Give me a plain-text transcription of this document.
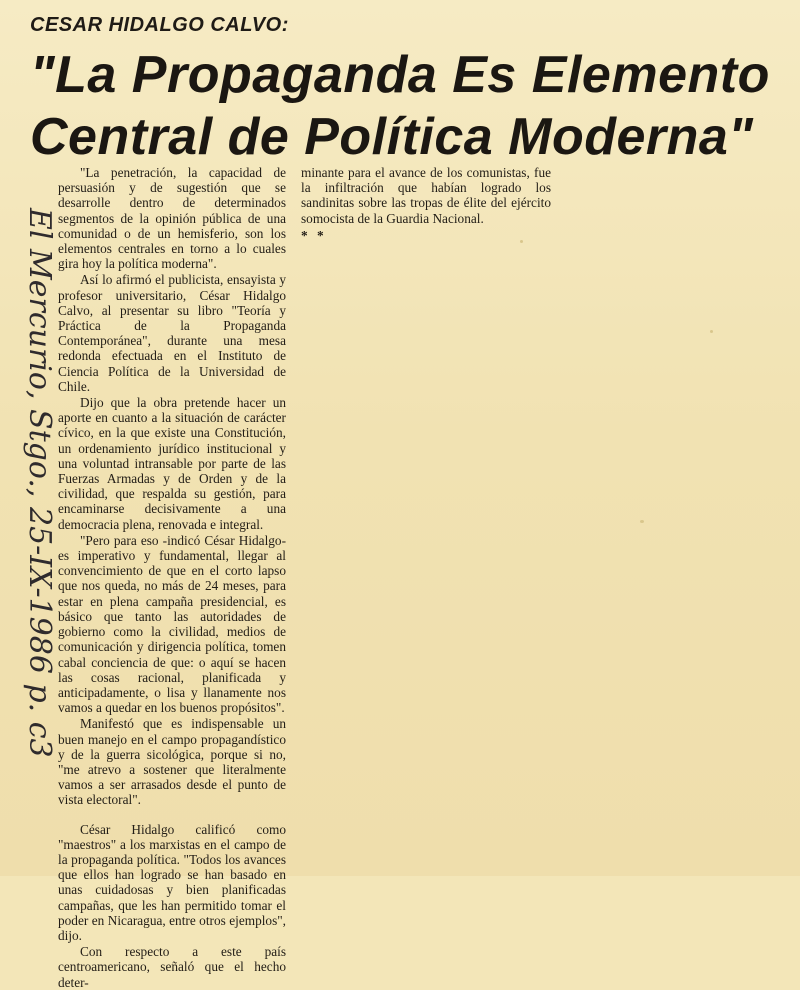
CESAR HIDALGO CALVO:
"La Propaganda Es Elemento
Central de Política Moderna"
El Mercurio, Stgo., 25-IX-1986 p. c3

"La penetración, la capacidad de persuasión y de sugestión que se desarrolle dentro de determinados segmentos de la opinión pública de una comunidad o de un hemisferio, son los elementos centrales en torno a lo cuales gira hoy la política moderna".

Así lo afirmó el publicista, ensayista y profesor universitario, César Hidalgo Calvo, al presentar su libro "Teoría y Práctica de la Propaganda Contemporánea", durante una mesa redonda efectuada en el Instituto de Ciencia Política de la Universidad de Chile.

Dijo que la obra pretende hacer un aporte en cuanto a la situación de carácter cívico, en la que existe una Constitución, un ordenamiento jurídico institucional y una voluntad intransable por parte de las Fuerzas Armadas y de Orden y de la civilidad, que respalda su gestión, para encaminarse decisivamente a una democracia plena, renovada e integral.

"Pero para eso -indicó César Hidalgo- es imperativo y fundamental, llegar al convencimiento de que en el corto lapso que nos queda, no más de 24 meses, para estar en plena campaña presidencial, es básico que tanto las autoridades de gobierno como la civilidad, medios de comunicación y dirigencia política, tomen cabal conciencia de que: o aquí se hacen las cosas racional, planificada y anticipadamente, o lisa y llanamente nos vamos a quedar en los buenos propósitos".

Manifestó que es indispensable un buen manejo en el campo propagandístico y de la guerra sicológica, porque si no, "me atrevo a sostener que literalmente vamos a ser arrasados desde el punto de vista electoral".

César Hidalgo calificó como "maestros" a los marxistas en el campo de la propaganda política. "Todos los avances que ellos han logrado se han basado en unas cuidadosas y bien planificadas campañas, que les han permitido tomar el poder en Nicaragua, entre otros ejemplos", dijo.

Con respecto a este país centroamericano, señaló que el hecho deter-

minante para el avance de los comunistas, fue la infiltración que habían logrado los sandinitas sobre las tropas de élite del ejército somocista de la Guardia Nacional.

* *
